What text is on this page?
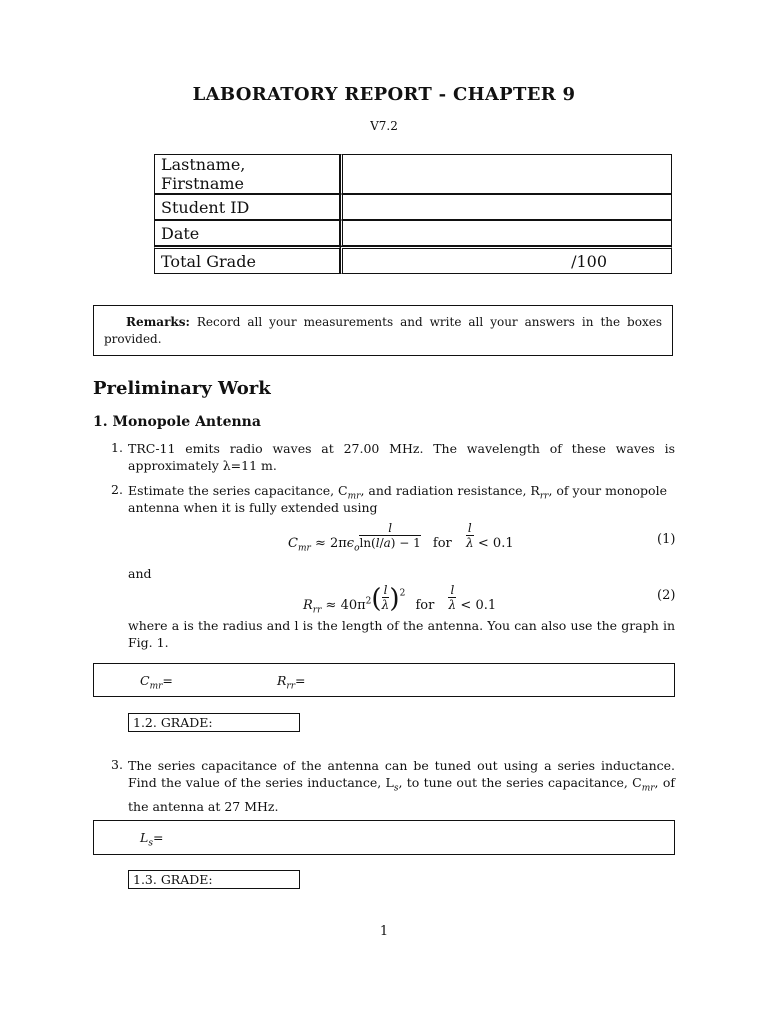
LABORATORY REPORT - CHAPTER 9
V7.2
Lastname, Firstname	
Student ID	
Date	
Total Grade	/100
Remarks: Record all your measurements and write all your answers in the boxes provided.
Preliminary Work
1. Monopole Antenna
1. TRC-11 emits radio waves at 27.00 MHz. The wavelength of these waves is approximately λ=11 m.
2. Estimate the series capacitance, $C_{mr}$, and radiation resistance, $R_{rr}$, of your monopole
antenna when it is fully extended using
$C_{mr} \approx 2\pi\epsilon_o \frac{l}{\ln(l/a) - 1}$ for $\frac{l}{\lambda} < 0.1$	(1)
and
$R_{rr} \approx 40\pi^2( \frac{l}{\lambda} )^2$ for $\frac{l}{\lambda} < 0.1$
(2)
where a is the radius and l is the length of the antenna. You can also use the graph in Fig. 1.
$C_{mr}=$	$R_{rr}=$
1.2. GRADE:
3. The series capacitance of the antenna can be tuned out using a series inductance. Find the value of the series inductance, $L_s$, to tune out the series capacitance, $C_{mr}$, of the antenna at 27 MHz.
$L_s=$
1.3. GRADE:
1
